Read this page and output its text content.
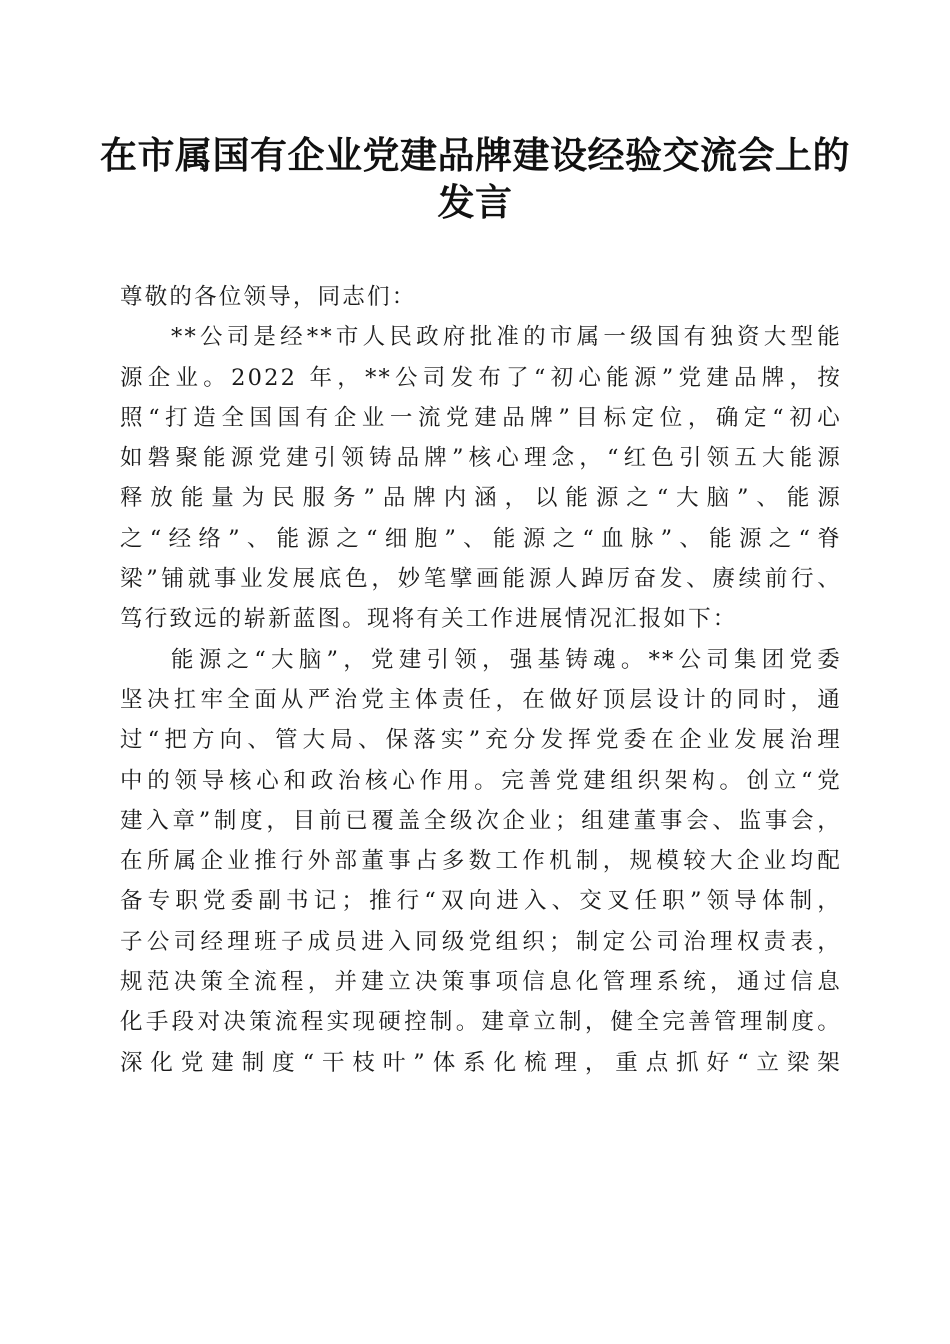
在市属国有企业党建品牌建设经验交流会上的
发言
尊敬的各位领导，同志们：
**公司是经**市人民政府批准的市属一级国有独资大型能
源企业。2022 年，**公司发布了“初心能源”党建品牌，按
照“打造全国国有企业一流党建品牌”目标定位，确定“初心
如磐聚能源党建引领铸品牌”核心理念，“红色引领五大能源
释放能量为民服务”品牌内涵，以能源之“大脑”、能源
之“经络”、能源之“细胞”、能源之“血脉”、能源之“脊
梁”铺就事业发展底色，妙笔擘画能源人踔厉奋发、赓续前行、
笃行致远的崭新蓝图。现将有关工作进展情况汇报如下：
能源之“大脑”，党建引领，强基铸魂。**公司集团党委
坚决扛牢全面从严治党主体责任，在做好顶层设计的同时，通
过“把方向、管大局、保落实”充分发挥党委在企业发展治理
中的领导核心和政治核心作用。完善党建组织架构。创立“党
建入章”制度，目前已覆盖全级次企业；组建董事会、监事会，
在所属企业推行外部董事占多数工作机制，规模较大企业均配
备专职党委副书记；推行“双向进入、交叉任职”领导体制，
子公司经理班子成员进入同级党组织；制定公司治理权责表，
规范决策全流程，并建立决策事项信息化管理系统，通过信息
化手段对决策流程实现硬控制。建章立制，健全完善管理制度。
深化党建制度“干枝叶”体系化梳理，重点抓好“立梁架
